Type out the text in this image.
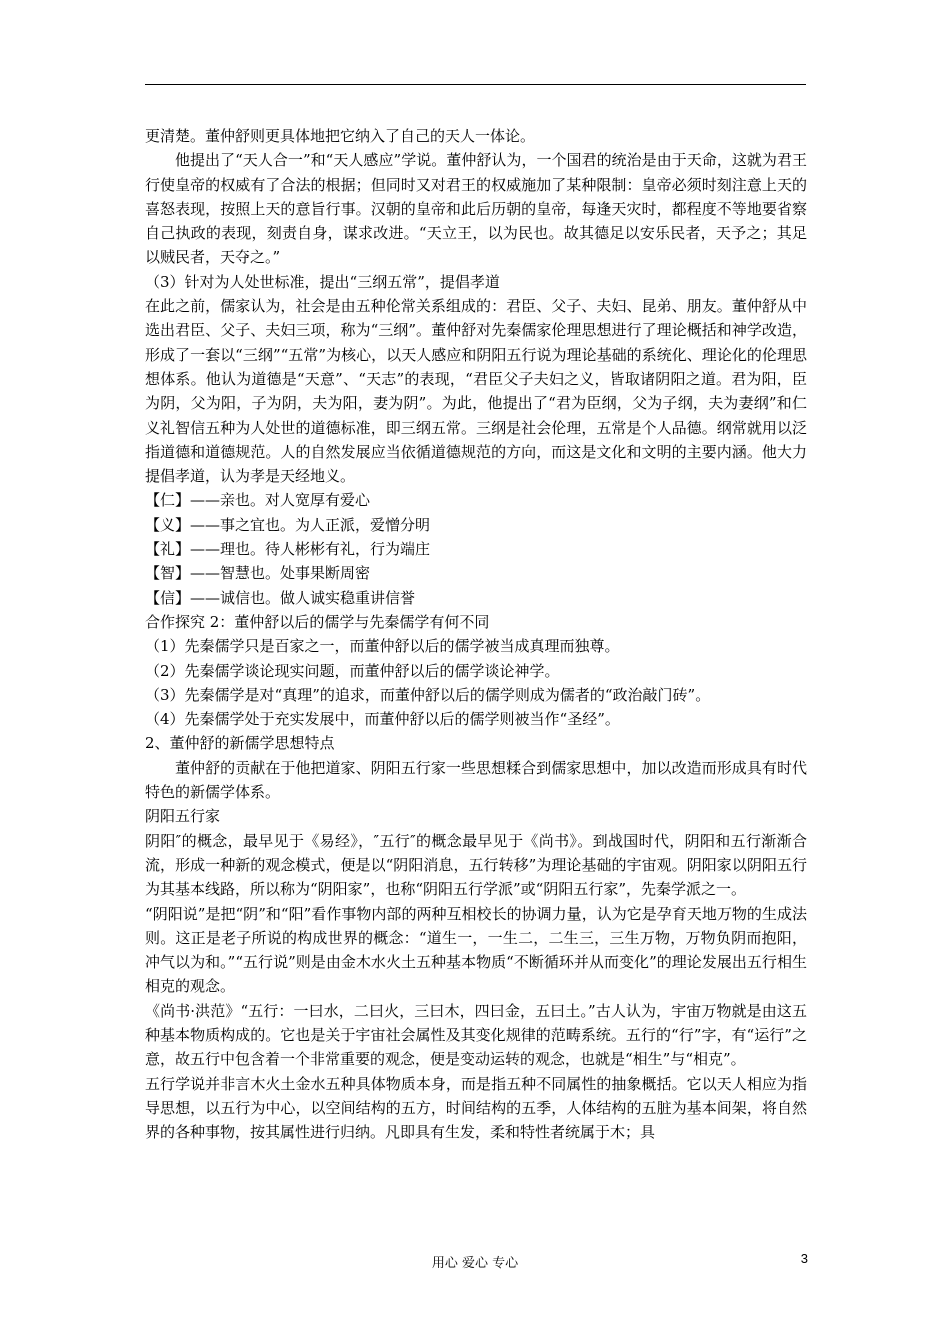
更清楚。董仲舒则更具体地把它纳入了自己的天人一体论。

他提出了“天人合一”和“天人感应”学说。董仲舒认为，一个国君的统治是由于天命，这就为君王行使皇帝的权威有了合法的根据；但同时又对君王的权威施加了某种限制：皇帝必须时刻注意上天的喜怒表现，按照上天的意旨行事。汉朝的皇帝和此后历朝的皇帝，每逢天灾时，都程度不等地要省察自己执政的表现，刻责自身，谋求改进。“天立王，以为民也。故其德足以安乐民者，天予之；其足以贼民者，天夺之。”

（3）针对为人处世标准，提出“三纲五常”，提倡孝道

在此之前，儒家认为，社会是由五种伦常关系组成的：君臣、父子、夫妇、昆弟、朋友。董仲舒从中选出君臣、父子、夫妇三项，称为“三纲”。董仲舒对先秦儒家伦理思想进行了理论概括和神学改造，形成了一套以“三纲”“五常”为核心，以天人感应和阴阳五行说为理论基础的系统化、理论化的伦理思想体系。他认为道德是“天意”、“天志”的表现，“君臣父子夫妇之义，皆取诸阴阳之道。君为阳，臣为阴，父为阳，子为阴，夫为阳，妻为阴”。为此，他提出了“君为臣纲，父为子纲，夫为妻纲”和仁义礼智信五种为人处世的道德标准，即三纲五常。三纲是社会伦理，五常是个人品德。纲常就用以泛指道德和道德规范。人的自然发展应当依循道德规范的方向，而这是文化和文明的主要内涵。他大力提倡孝道，认为孝是天经地义。

【仁】——亲也。对人宽厚有爱心

【义】——事之宜也。为人正派，爱憎分明

【礼】——理也。待人彬彬有礼，行为端庄

【智】——智慧也。处事果断周密

【信】——诚信也。做人诚实稳重讲信誉

合作探究 2：董仲舒以后的儒学与先秦儒学有何不同

（1）先秦儒学只是百家之一，而董仲舒以后的儒学被当成真理而独尊。

（2）先秦儒学谈论现实问题，而董仲舒以后的儒学谈论神学。

（3）先秦儒学是对“真理”的追求，而董仲舒以后的儒学则成为儒者的“政治敲门砖”。

（4）先秦儒学处于充实发展中，而董仲舒以后的儒学则被当作“圣经”。

2、董仲舒的新儒学思想特点

董仲舒的贡献在于他把道家、阴阳五行家一些思想糅合到儒家思想中，加以改造而形成具有时代特色的新儒学体系。

阴阳五行家

阴阳″的概念，最早见于《易经》，″五行″的概念最早见于《尚书》。到战国时代，阴阳和五行渐渐合流，形成一种新的观念模式，便是以“阴阳消息，五行转移”为理论基础的宇宙观。阴阳家以阴阳五行为其基本线路，所以称为“阴阳家”，也称“阴阳五行学派”或“阴阳五行家”，先秦学派之一。

“阴阳说”是把“阴”和“阳”看作事物内部的两种互相校长的协调力量，认为它是孕育天地万物的生成法则。这正是老子所说的构成世界的概念：“道生一，一生二，二生三，三生万物，万物负阴而抱阳，冲气以为和。”“五行说”则是由金木水火土五种基本物质“不断循环并从而变化”的理论发展出五行相生相克的观念。

《尚书·洪范》“五行：一曰水，二曰火，三曰木，四曰金，五曰土。”古人认为，宇宙万物就是由这五种基本物质构成的。它也是关于宇宙社会属性及其变化规律的范畴系统。五行的“行”字，有“运行”之意，故五行中包含着一个非常重要的观念，便是变动运转的观念，也就是“相生”与“相克”。

五行学说并非言木火土金水五种具体物质本身，而是指五种不同属性的抽象概括。它以天人相应为指导思想，以五行为中心，以空间结构的五方，时间结构的五季，人体结构的五脏为基本间架，将自然界的各种事物，按其属性进行归纳。凡即具有生发，柔和特性者统属于木；具

用心 爱心 专心	3
